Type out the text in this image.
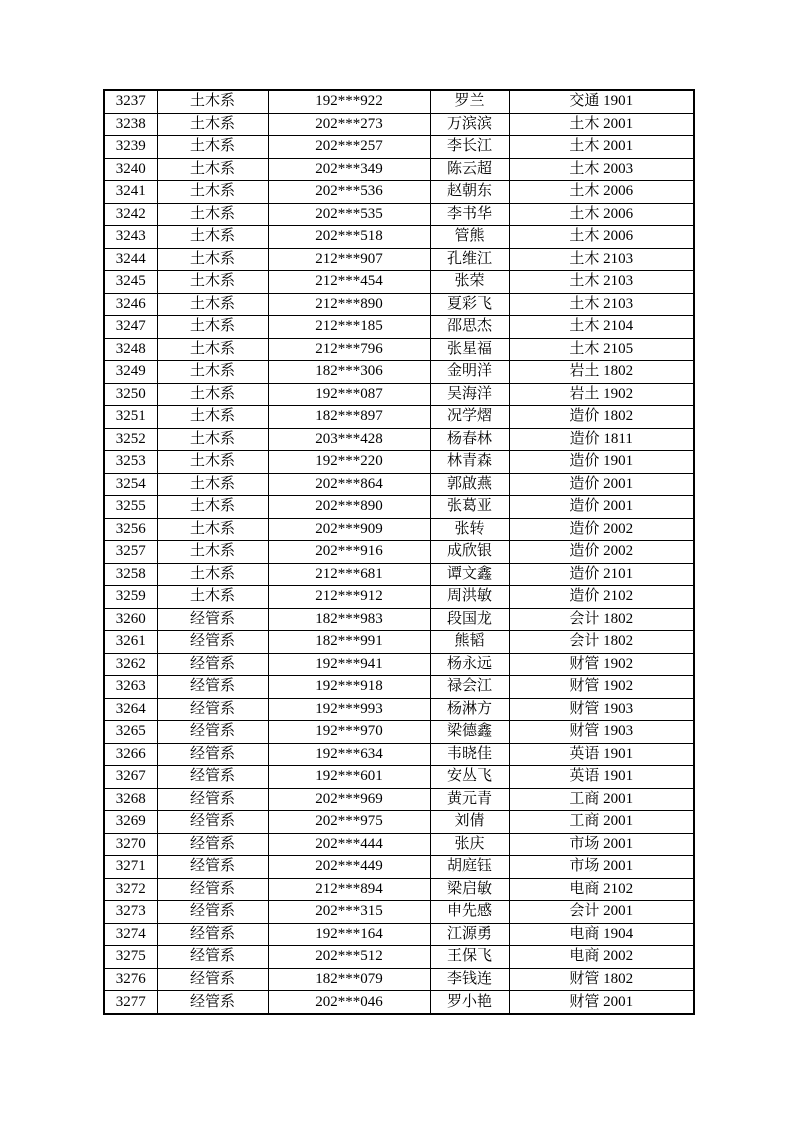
3237	土木系	192***922	罗兰	交通 1901
3238	土木系	202***273	万滨滨	土木 2001
3239	土木系	202***257	李长江	土木 2001
3240	土木系	202***349	陈云超	土木 2003
3241	土木系	202***536	赵朝东	土木 2006
3242	土木系	202***535	李书华	土木 2006
3243	土木系	202***518	管熊	土木 2006
3244	土木系	212***907	孔维江	土木 2103
3245	土木系	212***454	张荣	土木 2103
3246	土木系	212***890	夏彩飞	土木 2103
3247	土木系	212***185	邵思杰	土木 2104
3248	土木系	212***796	张星福	土木 2105
3249	土木系	182***306	金明洋	岩土 1802
3250	土木系	192***087	吴海洋	岩土 1902
3251	土木系	182***897	况学熠	造价 1802
3252	土木系	203***428	杨春林	造价 1811
3253	土木系	192***220	林青森	造价 1901
3254	土木系	202***864	郭啟燕	造价 2001
3255	土木系	202***890	张葛亚	造价 2001
3256	土木系	202***909	张转	造价 2002
3257	土木系	202***916	成欣银	造价 2002
3258	土木系	212***681	谭文鑫	造价 2101
3259	土木系	212***912	周洪敏	造价 2102
3260	经管系	182***983	段国龙	会计 1802
3261	经管系	182***991	熊韬	会计 1802
3262	经管系	192***941	杨永远	财管 1902
3263	经管系	192***918	禄会江	财管 1902
3264	经管系	192***993	杨淋方	财管 1903
3265	经管系	192***970	梁德鑫	财管 1903
3266	经管系	192***634	韦晓佳	英语 1901
3267	经管系	192***601	安丛飞	英语 1901
3268	经管系	202***969	黄元青	工商 2001
3269	经管系	202***975	刘倩	工商 2001
3270	经管系	202***444	张庆	市场 2001
3271	经管系	202***449	胡庭钰	市场 2001
3272	经管系	212***894	梁启敏	电商 2102
3273	经管系	202***315	申先感	会计 2001
3274	经管系	192***164	江源勇	电商 1904
3275	经管系	202***512	王保飞	电商 2002
3276	经管系	182***079	李钱连	财管 1802
3277	经管系	202***046	罗小艳	财管 2001
